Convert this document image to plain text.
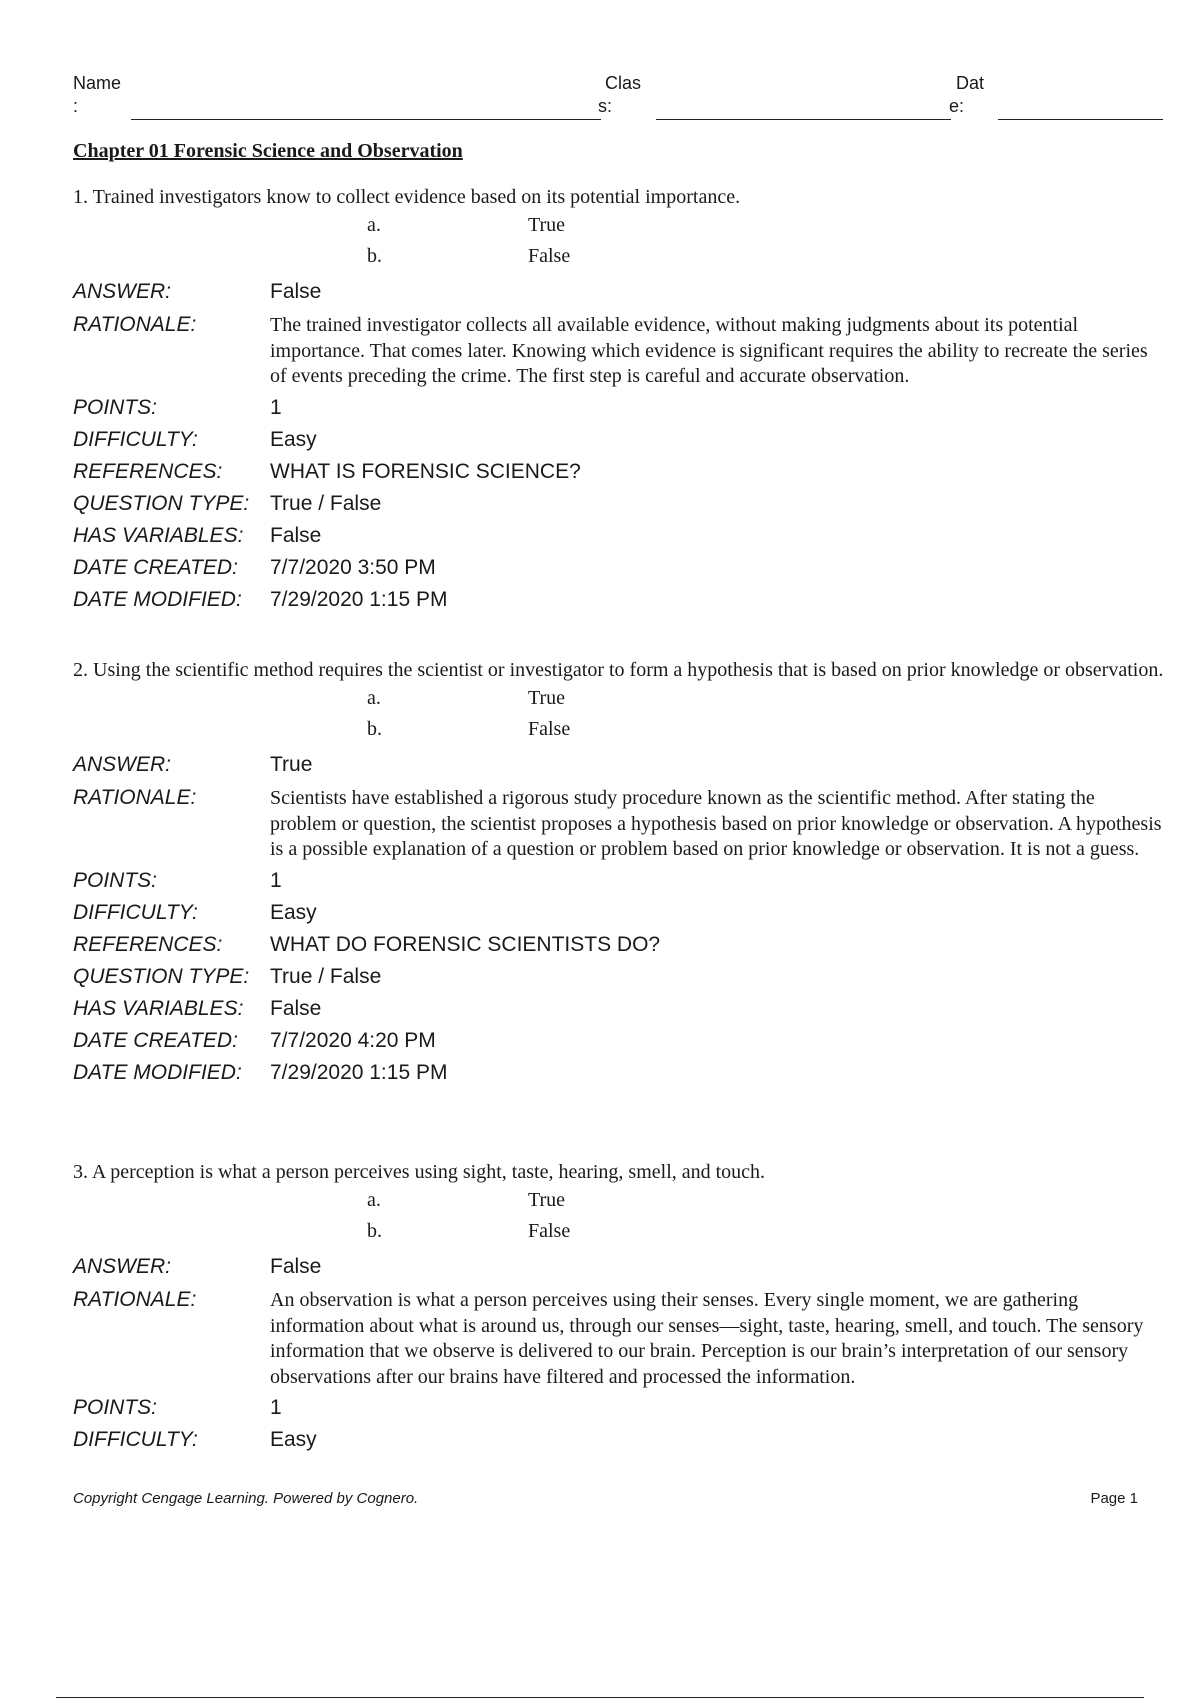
Name
:
Clas
s:
Dat
e:
Chapter 01 Forensic Science and Observation

1. Trained investigators know to collect evidence based on its potential importance.

a.	True
b.	False
ANSWER:	False
RATIONALE:	The trained investigator collects all available evidence, without making judgments about its potential importance. That comes later. Knowing which evidence is significant requires the ability to recreate the series of events preceding the crime. The first step is careful and accurate observation.
POINTS:	1
DIFFICULTY:	Easy
REFERENCES:	WHAT IS FORENSIC SCIENCE?
QUESTION TYPE: True / False
HAS VARIABLES:	False
DATE CREATED:	7/7/2020 3:50 PM
DATE MODIFIED:	7/29/2020 1:15 PM

2. Using the scientific method requires the scientist or investigator to form a hypothesis that is based on prior knowledge or observation.

a.	True
b.	False
ANSWER:	True
RATIONALE:	Scientists have established a rigorous study procedure known as the scientific method. After stating the problem or question, the scientist proposes a hypothesis based on prior knowledge or observation. A hypothesis is a possible explanation of a question or problem based on prior knowledge or observation. It is not a guess.
POINTS:	1
DIFFICULTY:	Easy
REFERENCES:	WHAT DO FORENSIC SCIENTISTS DO?
QUESTION TYPE: True / False
HAS VARIABLES:	False
DATE CREATED:	7/7/2020 4:20 PM
DATE MODIFIED:	7/29/2020 1:15 PM

3. A perception is what a person perceives using sight, taste, hearing, smell, and touch.

a.	True
b.	False
ANSWER:	False
RATIONALE:	An observation is what a person perceives using their senses. Every single moment, we are gathering information about what is around us, through our senses—sight, taste, hearing, smell, and touch. The sensory information that we observe is delivered to our brain. Perception is our brain’s interpretation of our sensory observations after our brains have filtered and processed the information.
POINTS:	1
DIFFICULTY:	Easy
Copyright Cengage Learning. Powered by Cognero.	Page 1
